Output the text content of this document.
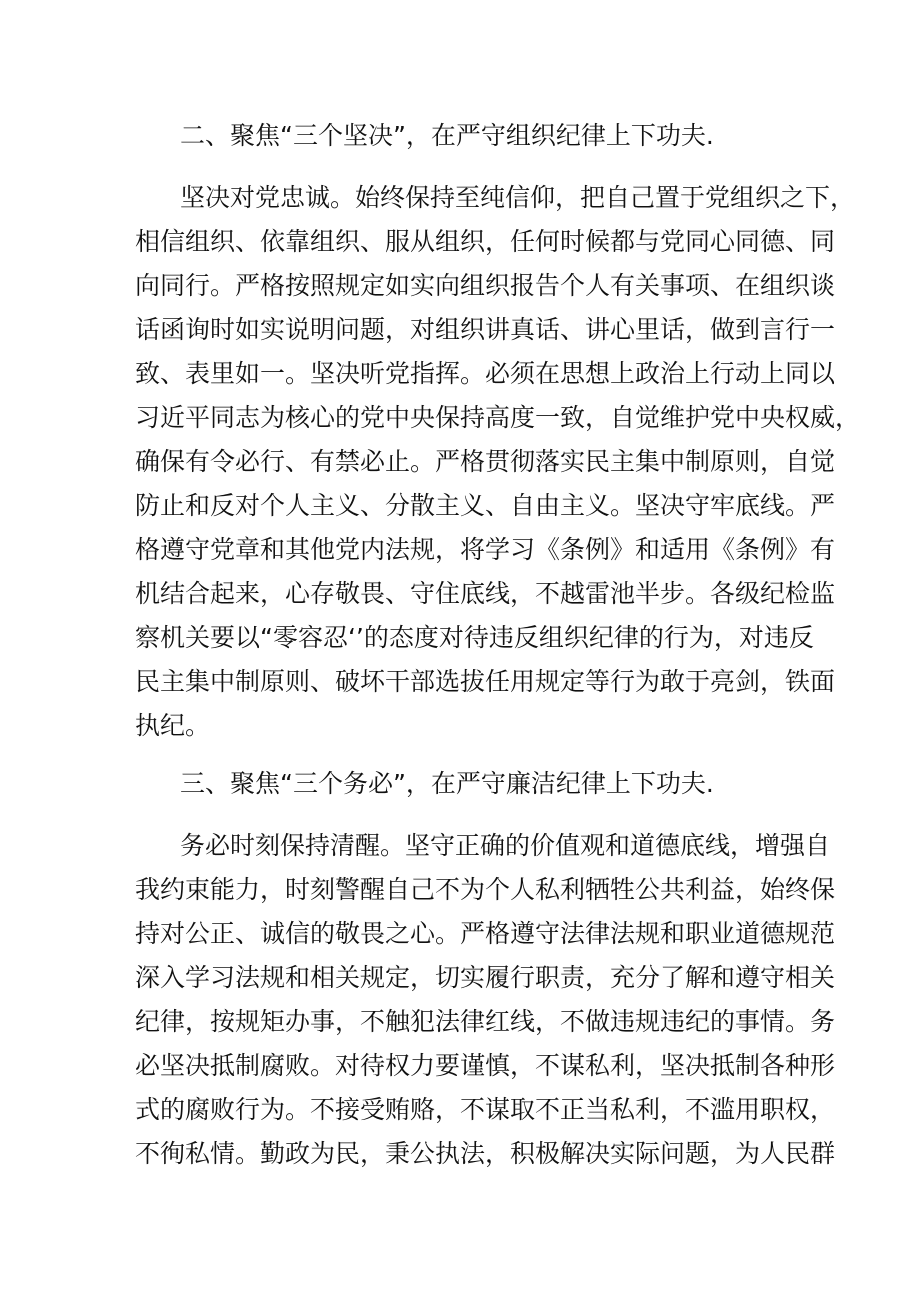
二、聚焦“三个坚决”，在严守组织纪律上下功夫.

坚决对党忠诚。始终保持至纯信仰，把自己置于党组织之下，

相信组织、依靠组织、服从组织，任何时候都与党同心同德、同

向同行。严格按照规定如实向组织报告个人有关事项、在组织谈

话函询时如实说明问题，对组织讲真话、讲心里话，做到言行一

致、表里如一。坚决听党指挥。必须在思想上政治上行动上同以

习近平同志为核心的党中央保持高度一致，自觉维护党中央权威，

确保有令必行、有禁必止。严格贯彻落实民主集中制原则，自觉

防止和反对个人主义、分散主义、自由主义。坚决守牢底线。严

格遵守党章和其他党内法规，将学习《条例》和适用《条例》有

机结合起来，心存敬畏、守住底线，不越雷池半步。各级纪检监

察机关要以“零容忍‘’的态度对待违反组织纪律的行为，对违反

民主集中制原则、破坏干部选拔任用规定等行为敢于亮剑，铁面

执纪。

三、聚焦“三个务必”，在严守廉洁纪律上下功夫.

务必时刻保持清醒。坚守正确的价值观和道德底线，增强自

我约束能力，时刻警醒自己不为个人私利牺牲公共利益，始终保

持对公正、诚信的敬畏之心。严格遵守法律法规和职业道德规范

深入学习法规和相关规定，切实履行职责，充分了解和遵守相关

纪律，按规矩办事，不触犯法律红线，不做违规违纪的事情。务

必坚决抵制腐败。对待权力要谨慎，不谋私利，坚决抵制各种形

式的腐败行为。不接受贿赂，不谋取不正当私利，不滥用职权，

不徇私情。勤政为民，秉公执法，积极解决实际问题，为人民群
